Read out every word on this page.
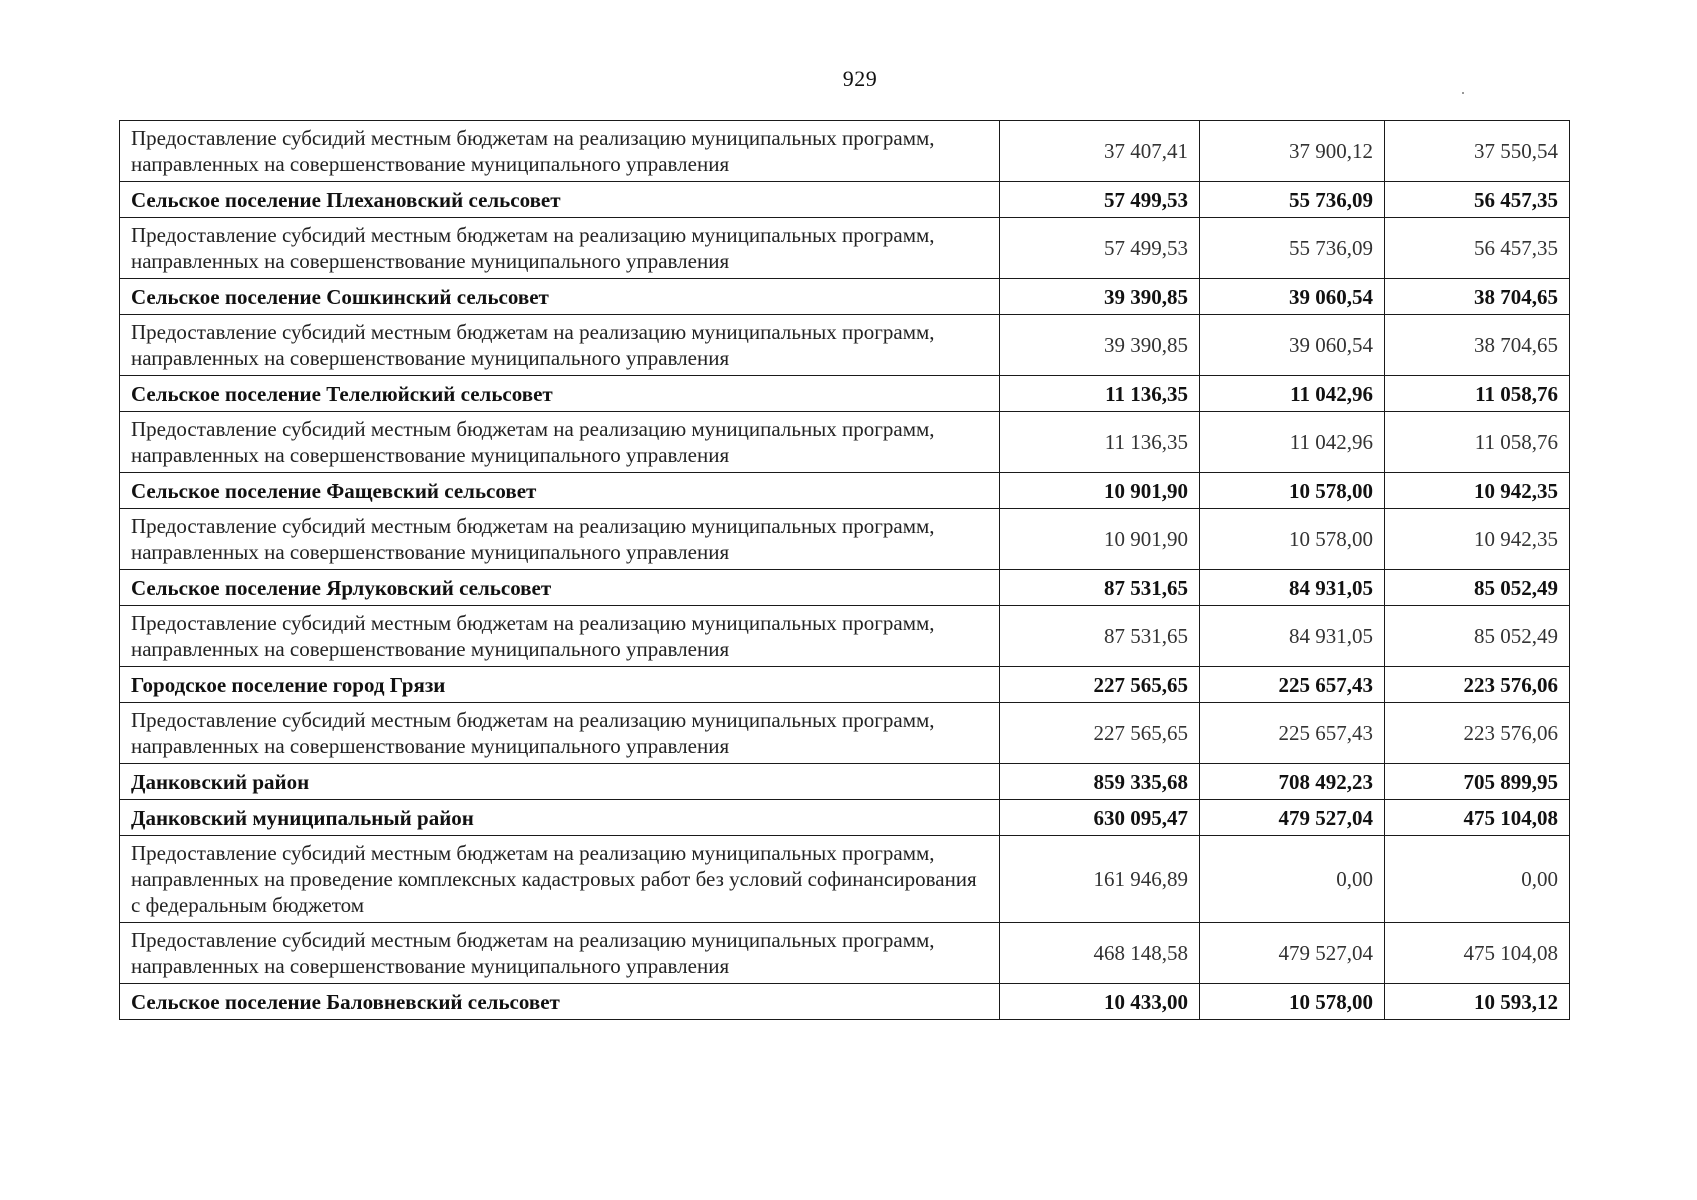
929
Предоставление субсидий местным бюджетам на реализацию муниципальных программ, направленных на совершенствование муниципального управления	37 407,41	37 900,12	37 550,54
Сельское поселение Плехановский сельсовет	57 499,53	55 736,09	56 457,35
Предоставление субсидий местным бюджетам на реализацию муниципальных программ, направленных на совершенствование муниципального управления	57 499,53	55 736,09	56 457,35
Сельское поселение Сошкинский сельсовет	39 390,85	39 060,54	38 704,65
Предоставление субсидий местным бюджетам на реализацию муниципальных программ, направленных на совершенствование муниципального управления	39 390,85	39 060,54	38 704,65
Сельское поселение Телелюйский сельсовет	11 136,35	11 042,96	11 058,76
Предоставление субсидий местным бюджетам на реализацию муниципальных программ, направленных на совершенствование муниципального управления	11 136,35	11 042,96	11 058,76
Сельское поселение Фащевский сельсовет	10 901,90	10 578,00	10 942,35
Предоставление субсидий местным бюджетам на реализацию муниципальных программ, направленных на совершенствование муниципального управления	10 901,90	10 578,00	10 942,35
Сельское поселение Ярлуковский сельсовет	87 531,65	84 931,05	85 052,49
Предоставление субсидий местным бюджетам на реализацию муниципальных программ, направленных на совершенствование муниципального управления	87 531,65	84 931,05	85 052,49
Городское поселение город Грязи	227 565,65	225 657,43	223 576,06
Предоставление субсидий местным бюджетам на реализацию муниципальных программ, направленных на совершенствование муниципального управления	227 565,65	225 657,43	223 576,06
Данковский район	859 335,68	708 492,23	705 899,95
Данковский муниципальный район	630 095,47	479 527,04	475 104,08
Предоставление субсидий местным бюджетам на реализацию муниципальных программ, направленных на проведение комплексных кадастровых работ без условий софинансирования с федеральным бюджетом	161 946,89	0,00	0,00
Предоставление субсидий местным бюджетам на реализацию муниципальных программ, направленных на совершенствование муниципального управления	468 148,58	479 527,04	475 104,08
Сельское поселение Баловневский сельсовет	10 433,00	10 578,00	10 593,12
